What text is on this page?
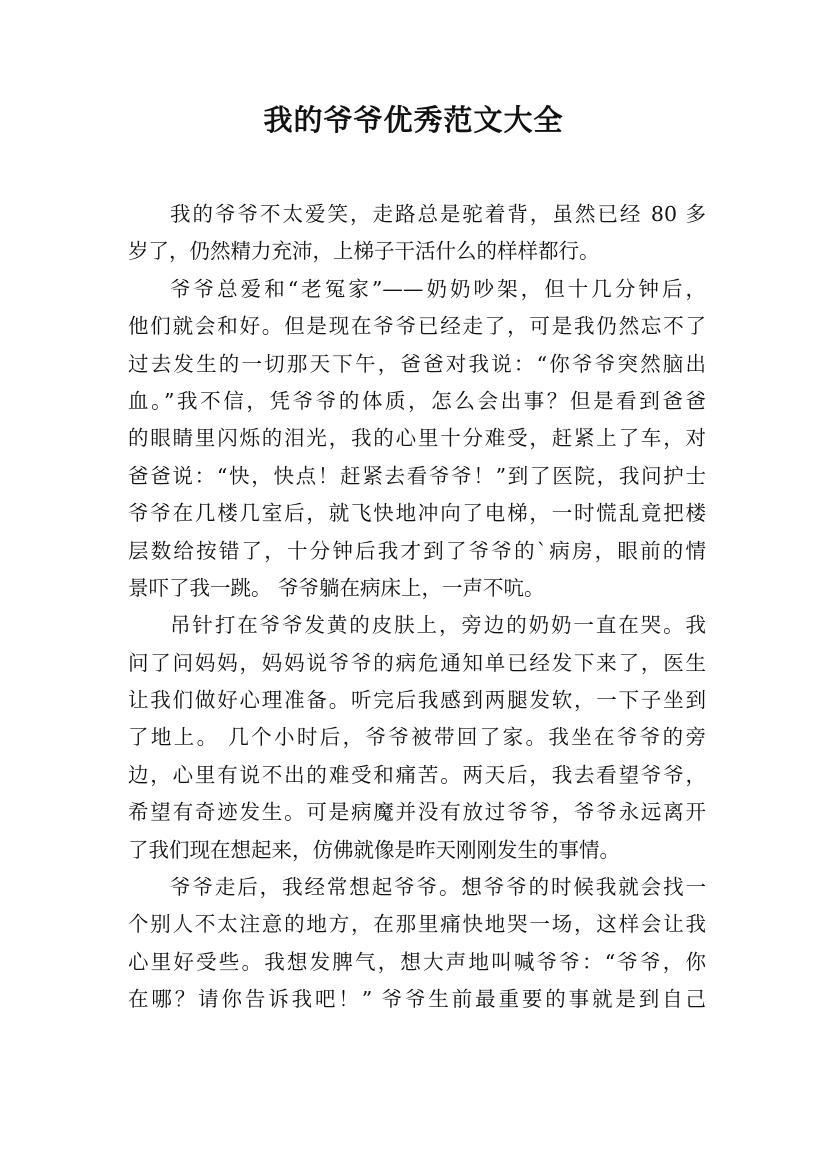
我的爷爷优秀范文大全
我的爷爷不太爱笑，走路总是驼着背，虽然已经 80 多
岁了，仍然精力充沛，上梯子干活什么的样样都行。
爷爷总爱和“老冤家”——奶奶吵架，但十几分钟后，
他们就会和好。但是现在爷爷已经走了，可是我仍然忘不了
过去发生的一切那天下午，爸爸对我说：“你爷爷突然脑出
血。”我不信，凭爷爷的体质，怎么会出事？但是看到爸爸
的眼睛里闪烁的泪光，我的心里十分难受，赶紧上了车，对
爸爸说：“快，快点！赶紧去看爷爷！”到了医院，我问护士
爷爷在几楼几室后，就飞快地冲向了电梯，一时慌乱竟把楼
层数给按错了，十分钟后我才到了爷爷的`病房，眼前的情
景吓了我一跳。 爷爷躺在病床上，一声不吭。
吊针打在爷爷发黄的皮肤上，旁边的奶奶一直在哭。我
问了问妈妈，妈妈说爷爷的病危通知单已经发下来了，医生
让我们做好心理准备。听完后我感到两腿发软，一下子坐到
了地上。 几个小时后，爷爷被带回了家。我坐在爷爷的旁
边，心里有说不出的难受和痛苦。两天后，我去看望爷爷，
希望有奇迹发生。可是病魔并没有放过爷爷，爷爷永远离开
了我们现在想起来，仿佛就像是昨天刚刚发生的事情。
爷爷走后，我经常想起爷爷。想爷爷的时候我就会找一
个别人不太注意的地方，在那里痛快地哭一场，这样会让我
心里好受些。我想发脾气，想大声地叫喊爷爷：“爷爷，你
在哪？请你告诉我吧！” 爷爷生前最重要的事就是到自己
